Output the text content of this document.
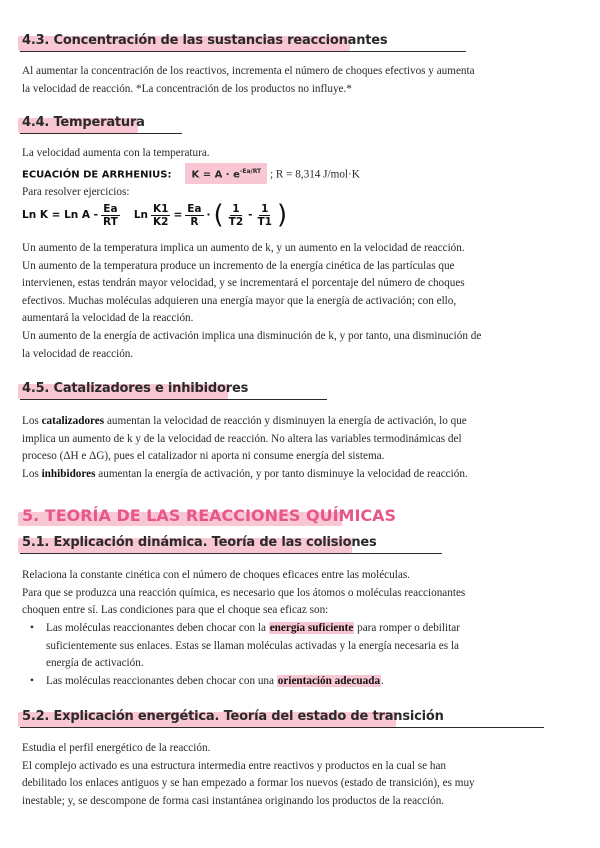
4.3. Concentración de las sustancias reaccionantes
Al aumentar la concentración de los reactivos, incrementa el número de choques efectivos y aumenta
la velocidad de reacción. *La concentración de los productos no influye.*
4.4. Temperatura
La velocidad aumenta con la temperatura.
ECUACIÓN DE ARRHENIUS: $K = A \cdot e^{-Ea/RT}$ ; R = 8,314 J/mol·K
Para resolver ejercicios:
Ln K = Ln A - $\frac{Ea}{RT}$ Ln $\frac{K1}{K2} = \frac{Ea}{R}$ · ( $\frac{1}{T2} - \frac{1}{T1}$ )
Un aumento de la temperatura implica un aumento de k, y un aumento en la velocidad de reacción.
Un aumento de la temperatura produce un incremento de la energía cinética de las partículas que
intervienen, estas tendrán mayor velocidad, y se incrementará el porcentaje del número de choques
efectivos. Muchas moléculas adquieren una energía mayor que la energía de activación; con ello,
aumentará la velocidad de la reacción.
Un aumento de la energía de activación implica una disminución de k, y por tanto, una disminución de
la velocidad de reacción.
4.5. Catalizadores e inhibidores
Los catalizadores aumentan la velocidad de reacción y disminuyen la energía de activación, lo que
implica un aumento de k y de la velocidad de reacción. No altera las variables termodinámicas del
proceso (ΔH e ΔG), pues el catalizador ni aporta ni consume energía del sistema.
Los inhibidores aumentan la energía de activación, y por tanto disminuye la velocidad de reacción.
5. TEORÍA DE LAS REACCIONES QUÍMICAS
5.1. Explicación dinámica. Teoría de las colisiones
Relaciona la constante cinética con el número de choques eficaces entre las moléculas.
Para que se produzca una reacción química, es necesario que los átomos o moléculas reaccionantes
choquen entre sí. Las condiciones para que el choque sea eficaz son:
• Las moléculas reaccionantes deben chocar con la energía suficiente para romper o debilitar
suficientemente sus enlaces. Estas se llaman moléculas activadas y la energía necesaria es la
energía de activación.
• Las moléculas reaccionantes deben chocar con una orientación adecuada.
5.2. Explicación energética. Teoría del estado de transición
Estudia el perfil energético de la reacción.
El complejo activado es una estructura intermedia entre reactivos y productos en la cual se han
debilitado los enlaces antiguos y se han empezado a formar los nuevos (estado de transición), es muy
inestable; y, se descompone de forma casi instantánea originando los productos de la reacción.
